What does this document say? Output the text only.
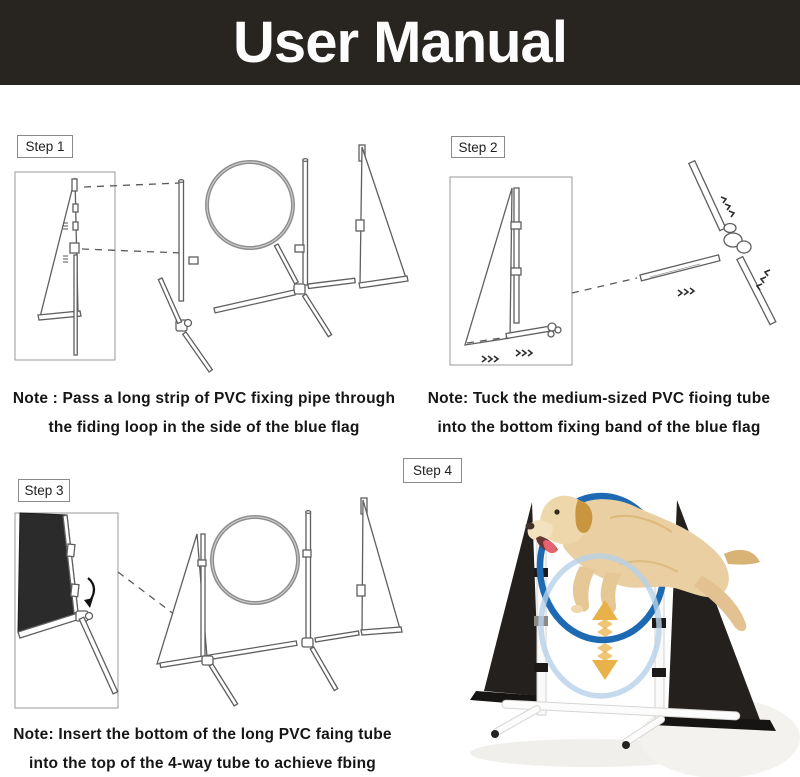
User Manual
Step 1	Step 2
Step 3
Step 4
Note : Pass a long strip of PVC fixing pipe through
the fiding loop in the side of the blue flag
Note: Tuck the medium-sized PVC fioing tube
into the bottom fixing band of the blue flag
Note: Insert the bottom of the long PVC faing tube
into the top of the 4-way tube to achieve fbing
